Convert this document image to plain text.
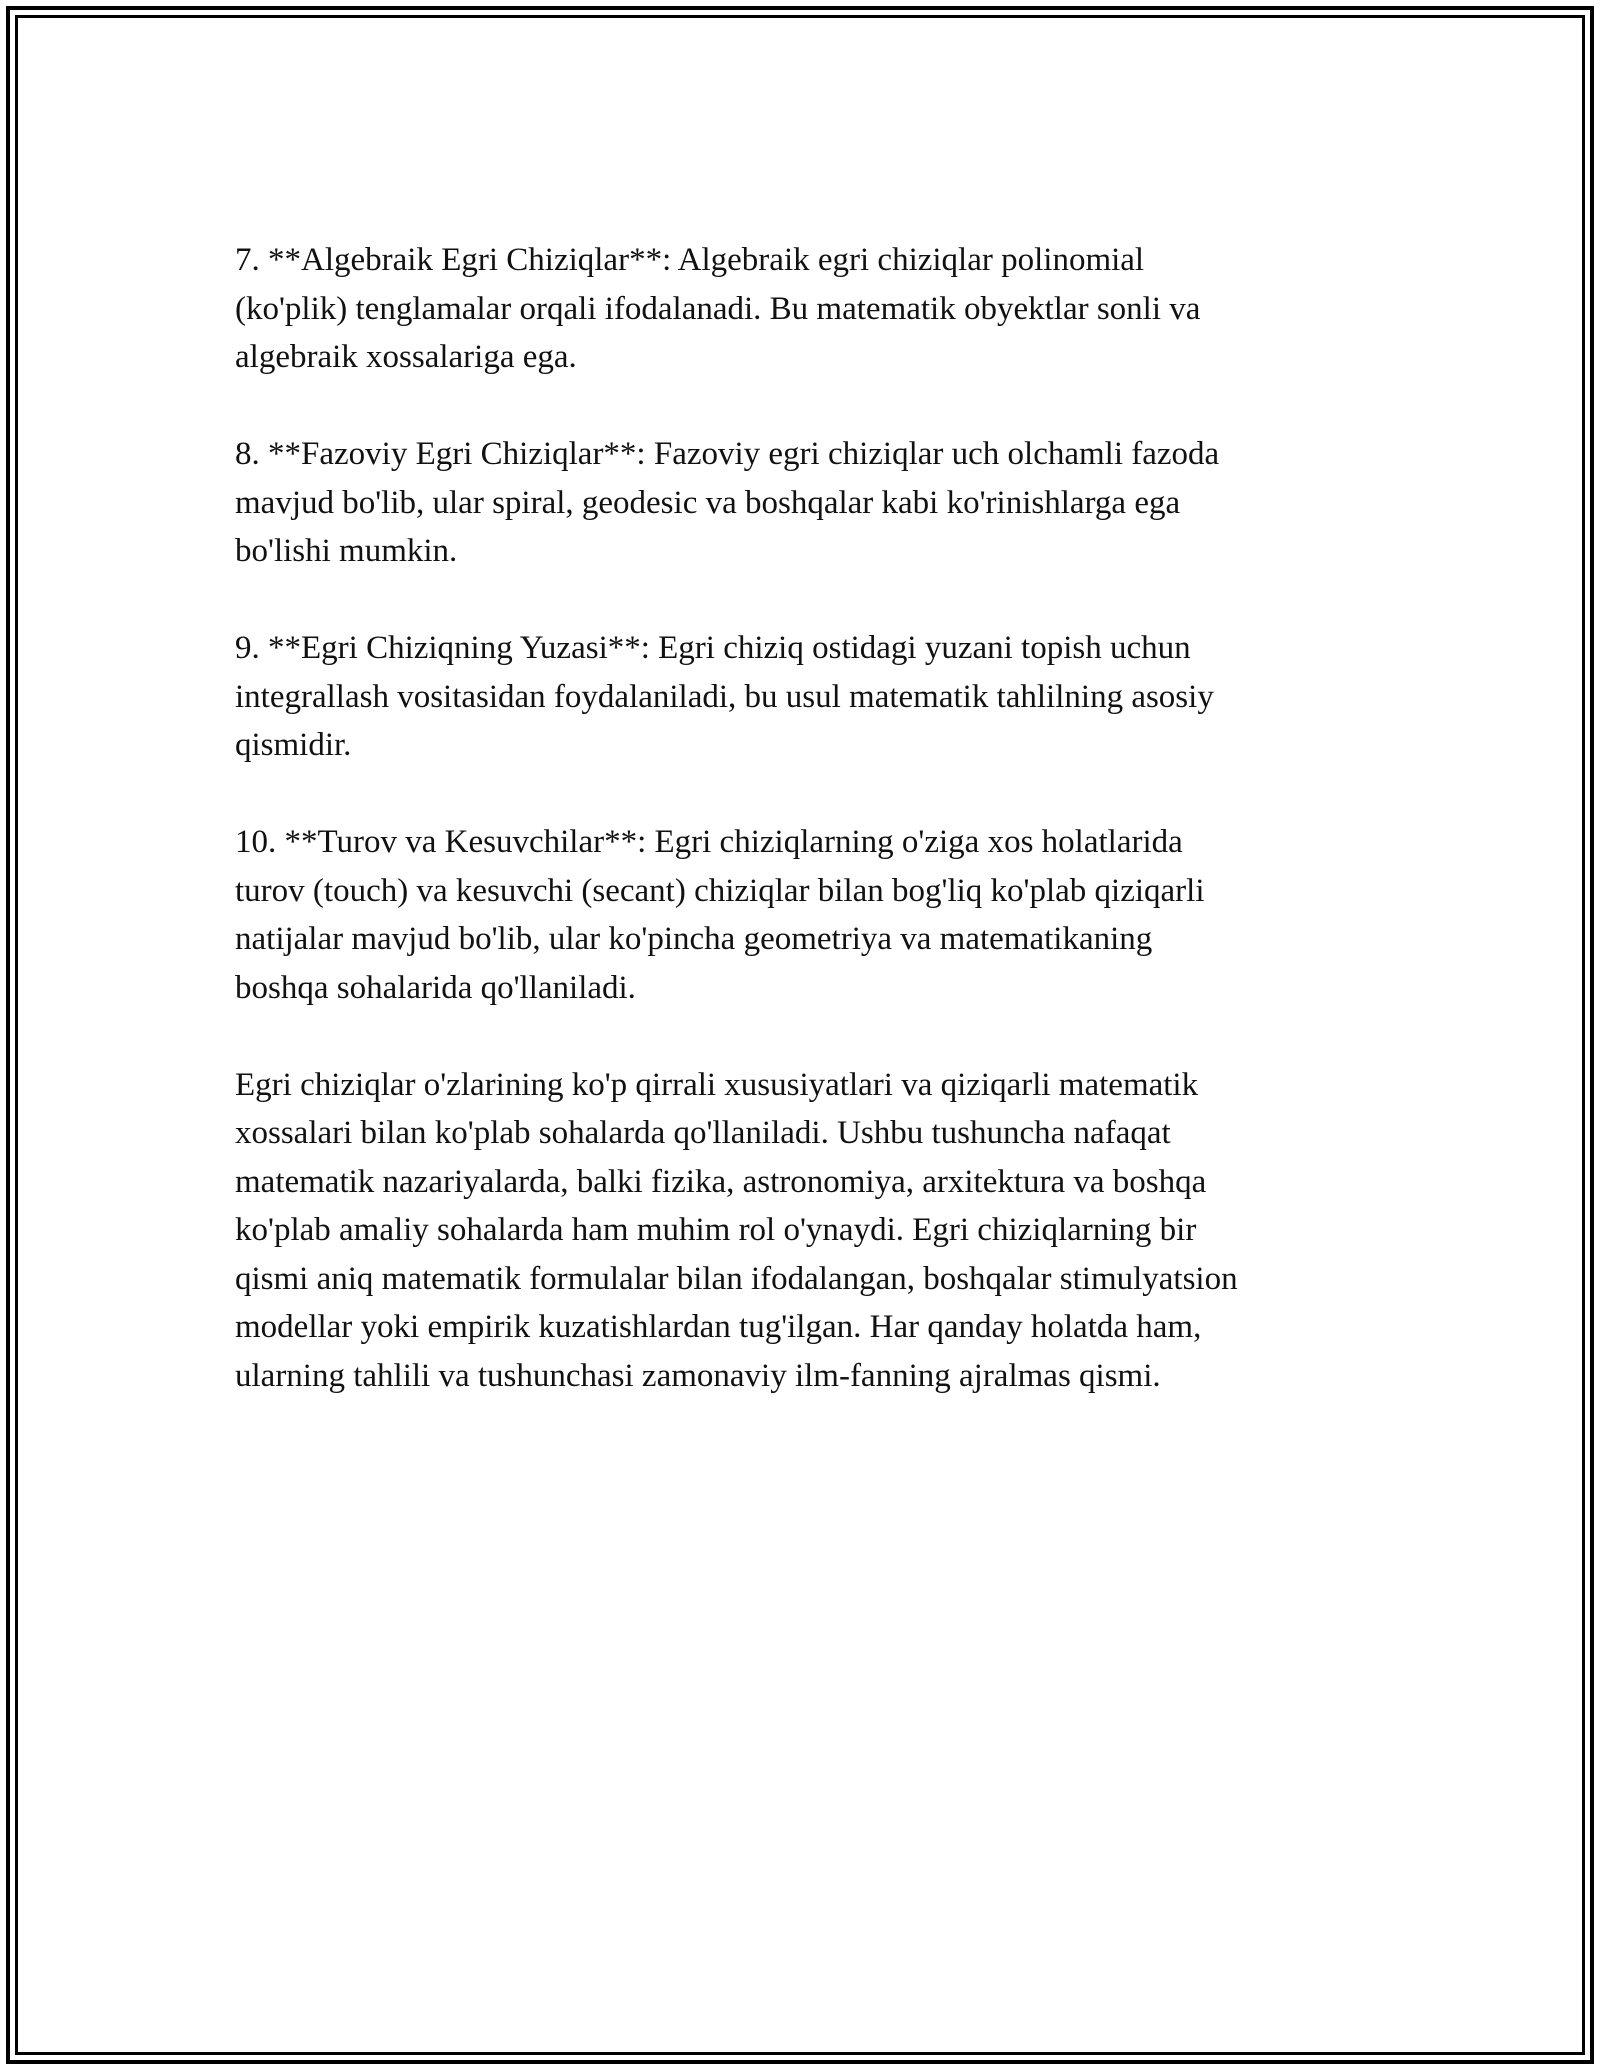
7. **Algebraik Egri Chiziqlar**: Algebraik egri chiziqlar polinomial
(ko'plik) tenglamalar orqali ifodalanadi. Bu matematik obyektlar sonli va
algebraik xossalariga ega.

8. **Fazoviy Egri Chiziqlar**: Fazoviy egri chiziqlar uch olchamli fazoda
mavjud bo'lib, ular spiral, geodesic va boshqalar kabi ko'rinishlarga ega
bo'lishi mumkin.

9. **Egri Chiziqning Yuzasi**: Egri chiziq ostidagi yuzani topish uchun
integrallash vositasidan foydalaniladi, bu usul matematik tahlilning asosiy
qismidir.

10. **Turov va Kesuvchilar**: Egri chiziqlarning o'ziga xos holatlarida
turov (touch) va kesuvchi (secant) chiziqlar bilan bog'liq ko'plab qiziqarli
natijalar mavjud bo'lib, ular ko'pincha geometriya va matematikaning
boshqa sohalarida qo'llaniladi.

Egri chiziqlar o'zlarining ko'p qirrali xususiyatlari va qiziqarli matematik
xossalari bilan ko'plab sohalarda qo'llaniladi. Ushbu tushuncha nafaqat
matematik nazariyalarda, balki fizika, astronomiya, arxitektura va boshqa
ko'plab amaliy sohalarda ham muhim rol o'ynaydi. Egri chiziqlarning bir
qismi aniq matematik formulalar bilan ifodalangan, boshqalar stimulyatsion
modellar yoki empirik kuzatishlardan tug'ilgan. Har qanday holatda ham,
ularning tahlili va tushunchasi zamonaviy ilm-fanning ajralmas qismi.
